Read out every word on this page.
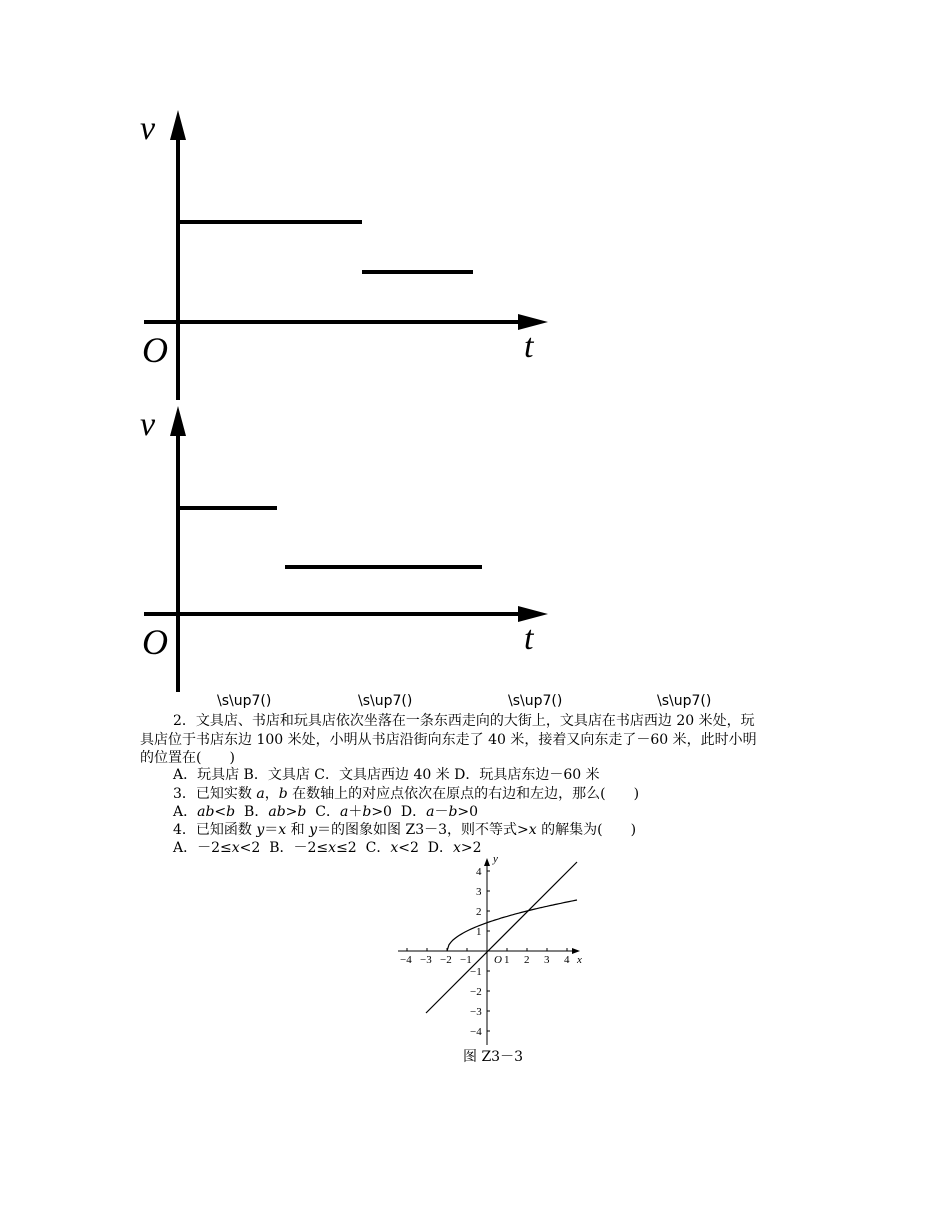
v
O	t
v
O	t
\s\up7()	\s\up7()	\s\up7()	\s\up7()
2．文具店、书店和玩具店依次坐落在一条东西走向的大街上，文具店在书店西边 20 米处，玩
具店位于书店东边 100 米处，小明从书店沿街向东走了 40 米，接着又向东走了－60 米，此时小明
的位置在(　　)
A．玩具店 B．文具店 C．文具店西边 40 米 D．玩具店东边－60 米
3．已知实数 a，b 在数轴上的对应点依次在原点的右边和左边，那么(　　)
A．ab<b  B．ab>b  C．a＋b>0  D．a－b>0
4．已知函数 y＝x 和 y＝的图象如图 Z3－3，则不等式>x 的解集为(　　)
A．－2≤x<2  B．－2≤x≤2  C．x<2  D．x>2
−4 −3 −2 −1 O 1 2 3 4 x
y
4
3
2
1
−1
−2
−3
−4
图 Z3－3
